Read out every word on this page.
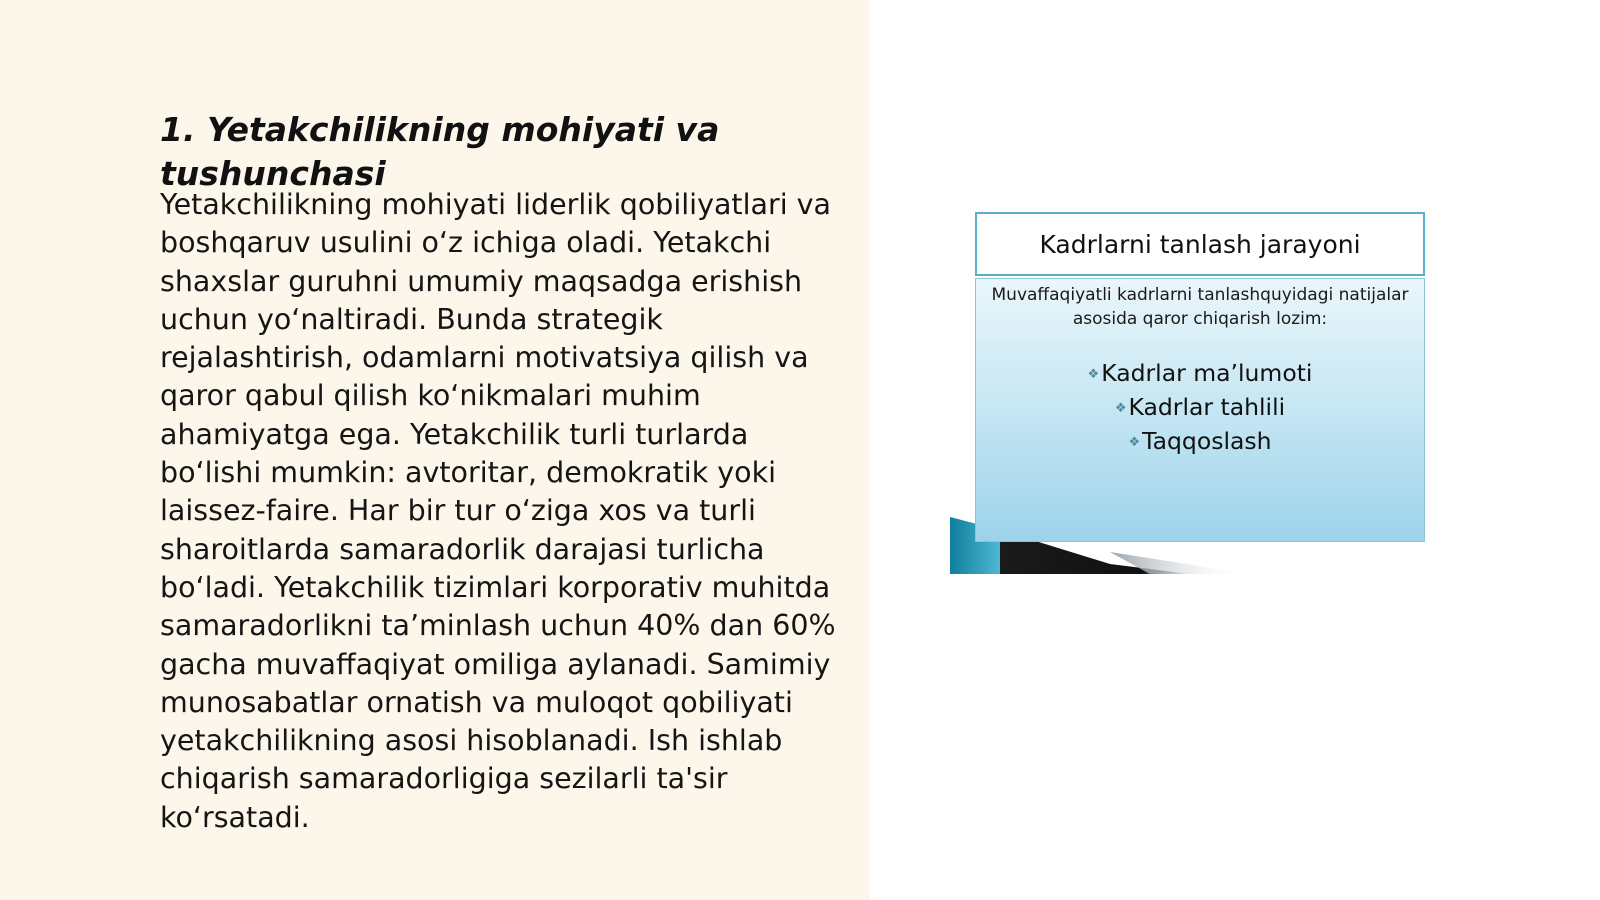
1. Yetakchilikning mohiyati va tushunchasi

Yetakchilikning mohiyati liderlik qobiliyatlari va boshqaruv usulini o‘z ichiga oladi. Yetakchi shaxslar guruhni umumiy maqsadga erishish uchun yo‘naltiradi. Bunda strategik rejalashtirish, odamlarni motivatsiya qilish va qaror qabul qilish ko‘nikmalari muhim ahamiyatga ega. Yetakchilik turli turlarda bo‘lishi mumkin: avtoritar, demokratik yoki laissez-faire. Har bir tur o‘ziga xos va turli sharoitlarda samaradorlik darajasi turlicha bo‘ladi. Yetakchilik tizimlari korporativ muhitda samaradorlikni ta’minlash uchun 40% dan 60% gacha muvaffaqiyat omiliga aylanadi. Samimiy munosabatlar ornatish va muloqot qobiliyati yetakchilikning asosi hisoblanadi. Ish ishlab chiqarish samaradorligiga sezilarli ta'sir ko‘rsatadi.

Kadrlarni tanlash jarayoni

Muvaffaqiyatli kadrlarni tanlashquyidagi natijalar asosida qaror chiqarish lozim:

❖Kadrlar ma’lumoti
❖Kadrlar tahlili
❖Taqqoslash
